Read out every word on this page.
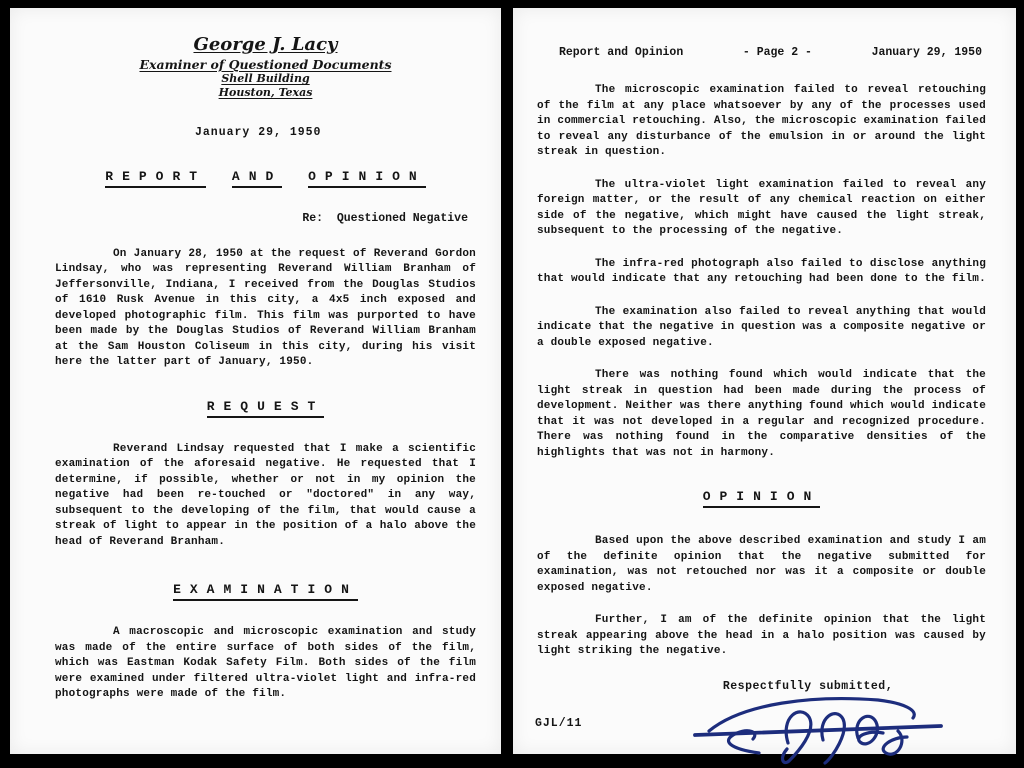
George J. Lacy
Examiner of Questioned Documents
Shell Building
Houston, Texas
January 29, 1950
REPORT AND OPINION
Re:  Questioned Negative

On January 28, 1950 at the request of Reverand Gordon Lindsay, who was representing Reverand William Branham of Jeffersonville, Indiana, I received from the Douglas Studios of 1610 Rusk Avenue in this city, a 4x5 inch exposed and developed photographic film. This film was purported to have been made by the Douglas Studios of Reverand William Branham at the Sam Houston Coliseum in this city, during his visit here the latter part of January, 1950.

REQUEST

Reverand Lindsay requested that I make a scientific examination of the aforesaid negative. He requested that I determine, if possible, whether or not in my opinion the negative had been re-touched or "doctored" in any way, subsequent to the developing of the film, that would cause a streak of light to appear in the position of a halo above the head of Reverand Branham.

EXAMINATION

A macroscopic and microscopic examination and study was made of the entire surface of both sides of the film, which was Eastman Kodak Safety Film. Both sides of the film were examined under filtered ultra-violet light and infra-red photographs were made of the film.

Report and Opinion	- Page 2 -	January 29, 1950

The microscopic examination failed to reveal retouching of the film at any place whatsoever by any of the processes used in commercial retouching. Also, the microscopic examination failed to reveal any disturbance of the emulsion in or around the light streak in question.

The ultra-violet light examination failed to reveal any foreign matter, or the result of any chemical reaction on either side of the negative, which might have caused the light streak, subsequent to the processing of the negative.

The infra-red photograph also failed to disclose anything that would indicate that any retouching had been done to the film.

The examination also failed to reveal anything that would indicate that the negative in question was a composite negative or a double exposed negative.

There was nothing found which would indicate that the light streak in question had been made during the process of development. Neither was there anything found which would indicate that it was not developed in a regular and recognized procedure. There was nothing found in the comparative densities of the highlights that was not in harmony.

OPINION

Based upon the above described examination and study I am of the definite opinion that the negative submitted for examination, was not retouched nor was it a composite or double exposed negative.

Further, I am of the definite opinion that the light streak appearing above the head in a halo position was caused by light striking the negative.

Respectfully submitted,
GJL/11
